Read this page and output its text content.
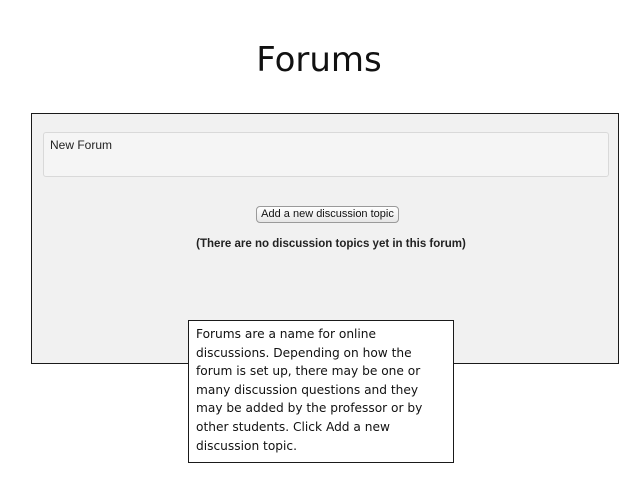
Forums
New Forum
Add a new discussion topic
(There are no discussion topics yet in this forum)

Forums are a name for online discussions. Depending on how the forum is set up, there may be one or many discussion questions and they may be added by the professor or by other students. Click Add a new discussion topic.
